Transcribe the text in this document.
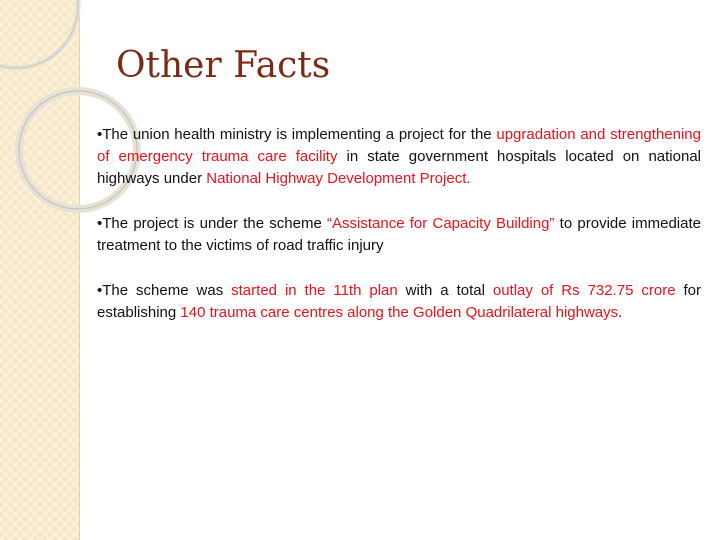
Other Facts

•The union health ministry is implementing a project for the upgradation and strengthening of emergency trauma care facility in state government hospitals located on national highways under National Highway Development Project.

•The project is under the scheme “Assistance for Capacity Building” to provide immediate treatment to the victims of road traffic injury

•The scheme was started in the 11th plan with a total outlay of Rs 732.75 crore for establishing 140 trauma care centres along the Golden Quadrilateral highways.
